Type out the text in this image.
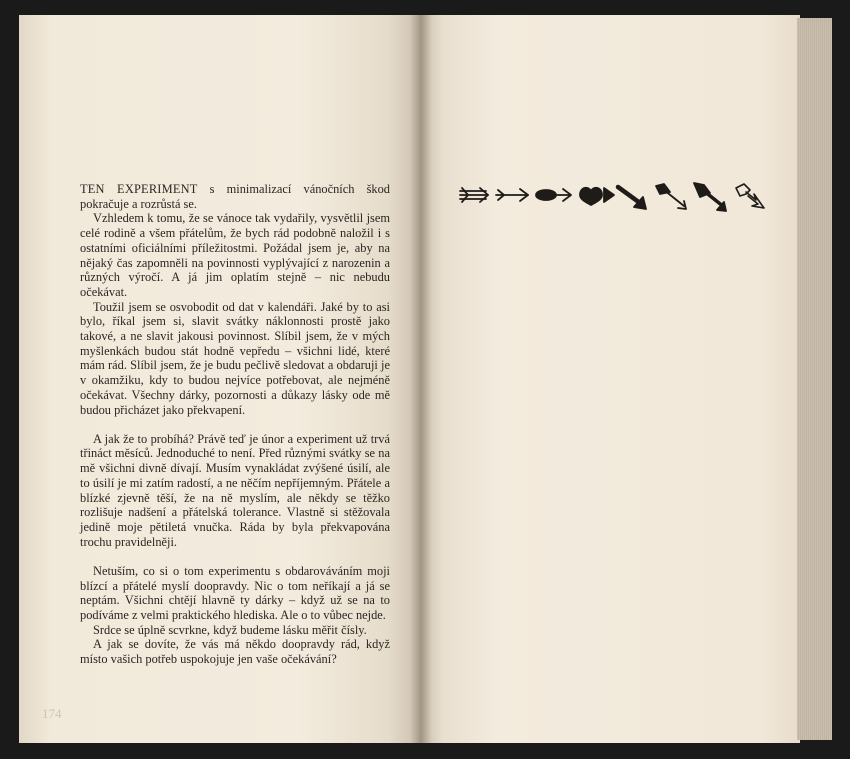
TEN EXPERIMENT s minimalizací vánočních škod pokračuje a rozrůstá se.

Vzhledem k tomu, že se vánoce tak vydařily, vysvětlil jsem celé rodině a všem přátelům, že bych rád podobně naložil i s ostatními oficiálními příležitostmi. Požádal jsem je, aby na nějaký čas zapomněli na povinnosti vyplývající z narozenin a různých výročí. A já jim oplatím stejně – nic nebudu očekávat.

Toužil jsem se osvobodit od dat v kalendáři. Jaké by to asi bylo, říkal jsem si, slavit svátky náklonnosti prostě jako takové, a ne slavit jakousi povinnost. Slíbil jsem, že v mých myšlenkách budou stát hodně vepředu – všichni lidé, které mám rád. Slíbil jsem, že je budu pečlivě sledovat a obdaruji je v okamžiku, kdy to budou nejvíce potřebovat, ale nejméně očekávat. Všechny dárky, pozornosti a důkazy lásky ode mě budou přicházet jako překvapení.

A jak že to probíhá? Právě teď je únor a experiment už trvá třináct měsíců. Jednoduché to není. Před různými svátky se na mě všichni divně dívají. Musím vynakládat zvýšené úsilí, ale to úsilí je mi zatím radostí, a ne něčím nepříjemným. Přátele a blízké zjevně těší, že na ně myslím, ale někdy se těžko rozlišuje nadšení a přátelská tolerance. Vlastně si stěžovala jedině moje pětiletá vnučka. Ráda by byla překvapována trochu pravidelněji.

Netuším, co si o tom experimentu s obdarováváním moji blízcí a přátelé myslí doopravdy. Nic o tom neříkají a já se neptám. Všichni chtějí hlavně ty dárky – když už se na to podíváme z velmi praktického hlediska. Ale o to vůbec nejde.

Srdce se úplně scvrkne, když budeme lásku měřit čísly.

A jak se dovíte, že vás má někdo doopravdy rád, když místo vašich potřeb uspokojuje jen vaše očekávání?

174
